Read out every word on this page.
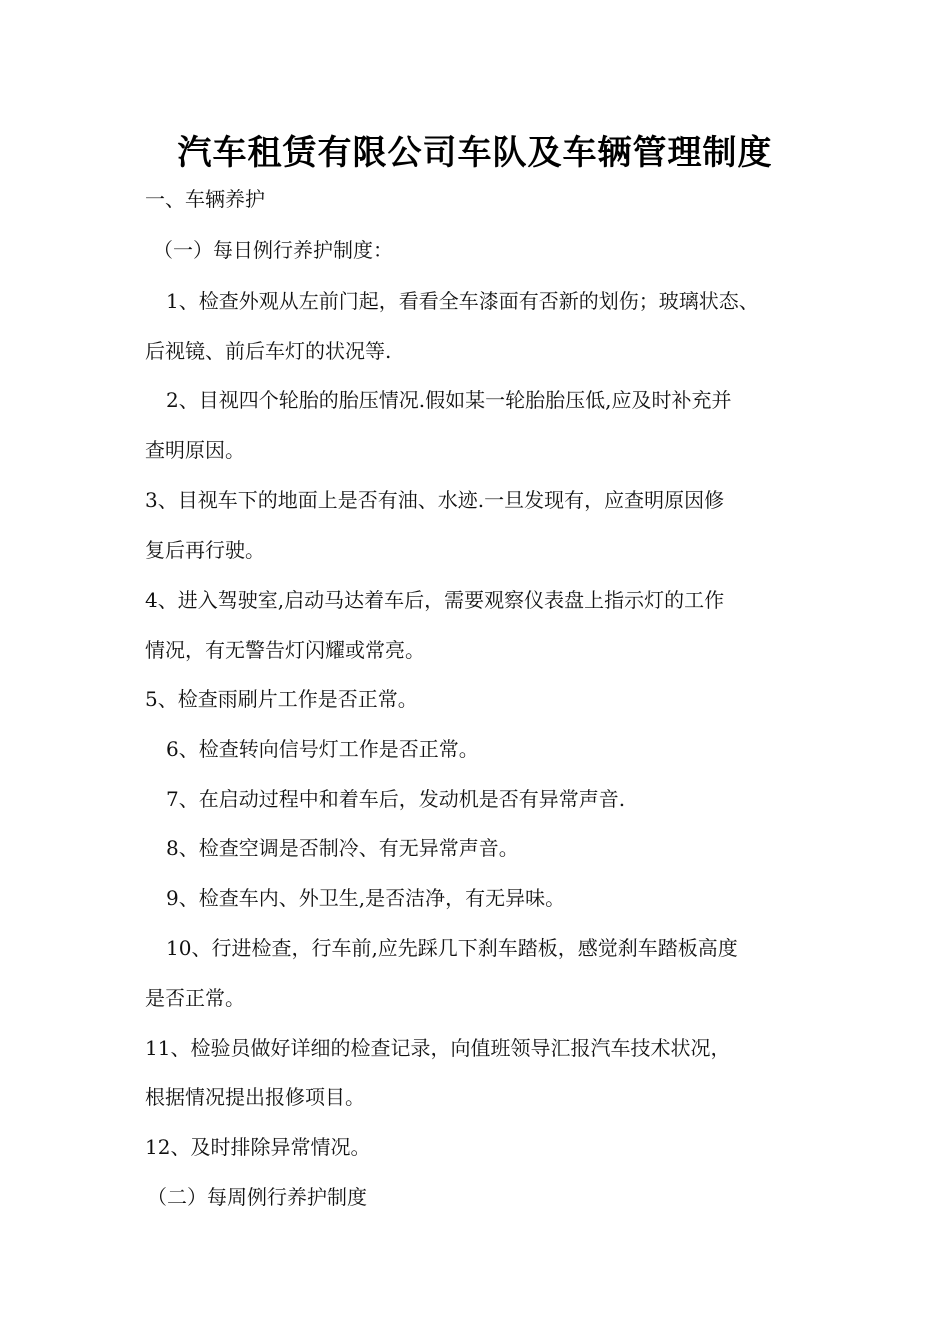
汽车租赁有限公司车队及车辆管理制度
一、车辆养护
（一）每日例行养护制度：
1、检查外观从左前门起，看看全车漆面有否新的划伤；玻璃状态、
后视镜、前后车灯的状况等.
2、目视四个轮胎的胎压情况.假如某一轮胎胎压低,应及时补充并
查明原因。
3、目视车下的地面上是否有油、水迹.一旦发现有，应查明原因修
复后再行驶。
4、进入驾驶室,启动马达着车后，需要观察仪表盘上指示灯的工作
情况，有无警告灯闪耀或常亮。
5、检查雨刷片工作是否正常。
6、检查转向信号灯工作是否正常。
7、在启动过程中和着车后，发动机是否有异常声音.
8、检查空调是否制冷、有无异常声音。
9、检查车内、外卫生,是否洁净，有无异味。
10、行进检查，行车前,应先踩几下刹车踏板，感觉刹车踏板高度
是否正常。
11、检验员做好详细的检查记录，向值班领导汇报汽车技术状况，
根据情况提出报修项目。
12、及时排除异常情况。
（二）每周例行养护制度
